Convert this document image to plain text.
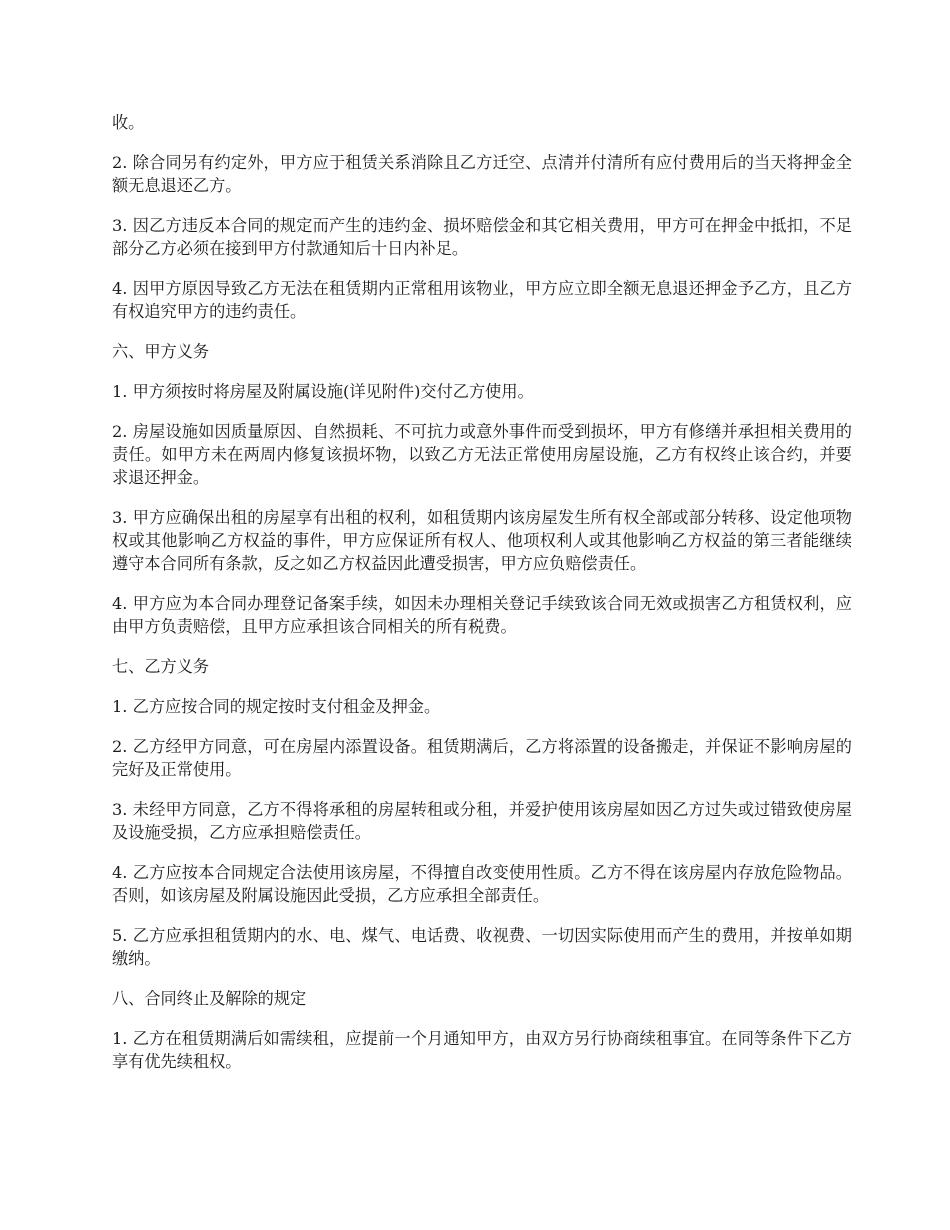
收。

2. 除合同另有约定外，甲方应于租赁关系消除且乙方迁空、点清并付清所有应付费用后的当天将押金全额无息退还乙方。

3. 因乙方违反本合同的规定而产生的违约金、损坏赔偿金和其它相关费用，甲方可在押金中抵扣，不足部分乙方必须在接到甲方付款通知后十日内补足。

4. 因甲方原因导致乙方无法在租赁期内正常租用该物业，甲方应立即全额无息退还押金予乙方，且乙方有权追究甲方的违约责任。

六、甲方义务

1. 甲方须按时将房屋及附属设施(详见附件)交付乙方使用。

2. 房屋设施如因质量原因、自然损耗、不可抗力或意外事件而受到损坏，甲方有修缮并承担相关费用的责任。如甲方未在两周内修复该损坏物，以致乙方无法正常使用房屋设施，乙方有权终止该合约，并要求退还押金。

3. 甲方应确保出租的房屋享有出租的权利，如租赁期内该房屋发生所有权全部或部分转移、设定他项物权或其他影响乙方权益的事件，甲方应保证所有权人、他项权利人或其他影响乙方权益的第三者能继续遵守本合同所有条款，反之如乙方权益因此遭受损害，甲方应负赔偿责任。

4. 甲方应为本合同办理登记备案手续，如因未办理相关登记手续致该合同无效或损害乙方租赁权利，应由甲方负责赔偿，且甲方应承担该合同相关的所有税费。

七、乙方义务

1. 乙方应按合同的规定按时支付租金及押金。

2. 乙方经甲方同意，可在房屋内添置设备。租赁期满后，乙方将添置的设备搬走，并保证不影响房屋的完好及正常使用。

3. 未经甲方同意，乙方不得将承租的房屋转租或分租，并爱护使用该房屋如因乙方过失或过错致使房屋及设施受损，乙方应承担赔偿责任。

4. 乙方应按本合同规定合法使用该房屋，不得擅自改变使用性质。乙方不得在该房屋内存放危险物品。否则，如该房屋及附属设施因此受损，乙方应承担全部责任。

5. 乙方应承担租赁期内的水、电、煤气、电话费、收视费、一切因实际使用而产生的费用，并按单如期缴纳。

八、合同终止及解除的规定

1. 乙方在租赁期满后如需续租，应提前一个月通知甲方，由双方另行协商续租事宜。在同等条件下乙方享有优先续租权。
